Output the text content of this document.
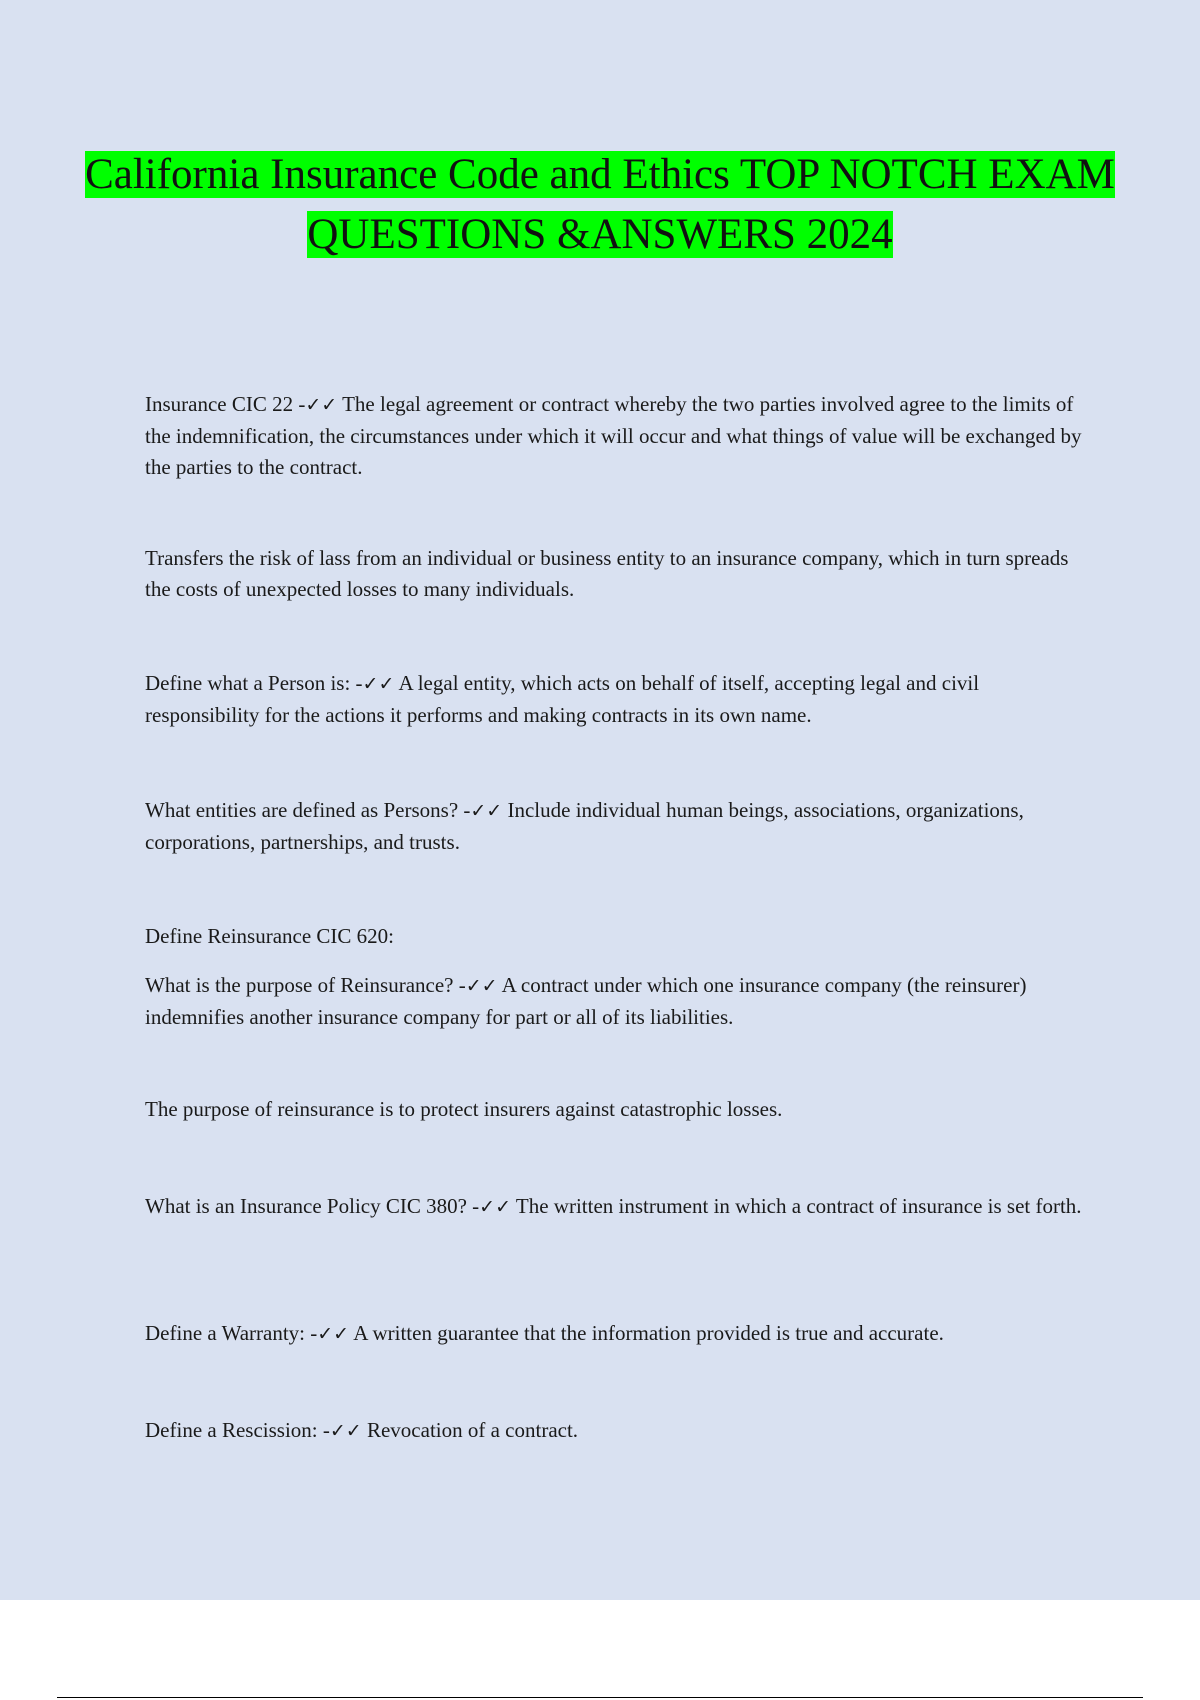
California Insurance Code and Ethics TOP NOTCH EXAM QUESTIONS &ANSWERS 2024

Insurance CIC 22 -✓✓ The legal agreement or contract whereby the two parties involved agree to the limits of the indemnification, the circumstances under which it will occur and what things of value will be exchanged by the parties to the contract.

Transfers the risk of lass from an individual or business entity to an insurance company, which in turn spreads the costs of unexpected losses to many individuals.

Define what a Person is: -✓✓ A legal entity, which acts on behalf of itself, accepting legal and civil responsibility for the actions it performs and making contracts in its own name.

What entities are defined as Persons? -✓✓ Include individual human beings, associations, organizations, corporations, partnerships, and trusts.

Define Reinsurance CIC 620:

What is the purpose of Reinsurance? -✓✓ A contract under which one insurance company (the reinsurer) indemnifies another insurance company for part or all of its liabilities.

The purpose of reinsurance is to protect insurers against catastrophic losses.

What is an Insurance Policy CIC 380? -✓✓ The written instrument in which a contract of insurance is set forth.

Define a Warranty: -✓✓ A written guarantee that the information provided is true and accurate.

Define a Rescission: -✓✓ Revocation of a contract.
